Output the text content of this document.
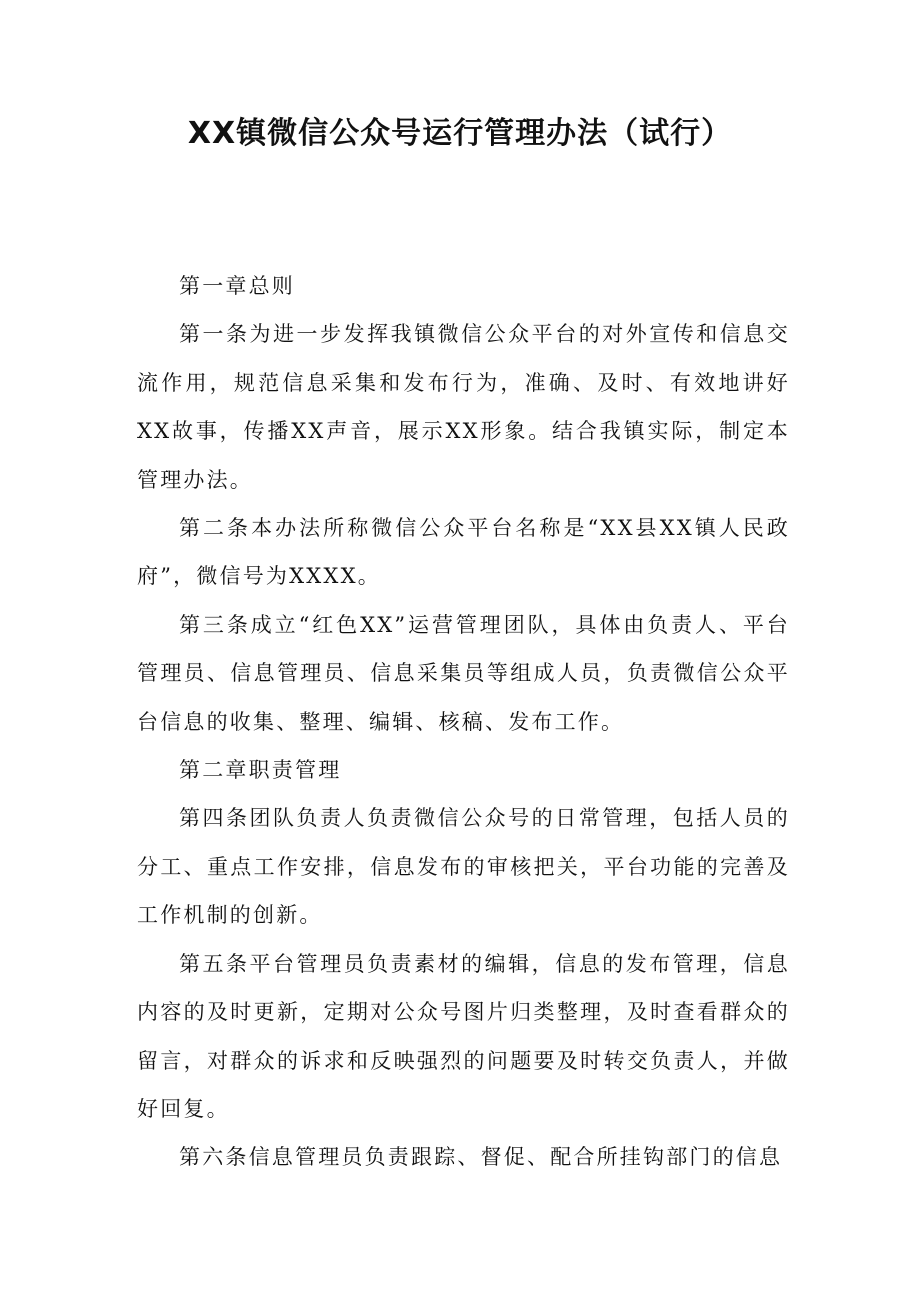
XX镇微信公众号运行管理办法（试行）

第一章总则

第一条为进一步发挥我镇微信公众平台的对外宣传和信息交流作用，规范信息采集和发布行为，准确、及时、有效地讲好XX故事，传播XX声音，展示XX形象。结合我镇实际，制定本管理办法。

第二条本办法所称微信公众平台名称是“XX县XX镇人民政府”，微信号为XXXX。

第三条成立“红色XX”运营管理团队，具体由负责人、平台管理员、信息管理员、信息采集员等组成人员，负责微信公众平台信息的收集、整理、编辑、核稿、发布工作。

第二章职责管理

第四条团队负责人负责微信公众号的日常管理，包括人员的分工、重点工作安排，信息发布的审核把关，平台功能的完善及工作机制的创新。

第五条平台管理员负责素材的编辑，信息的发布管理，信息内容的及时更新，定期对公众号图片归类整理，及时查看群众的留言，对群众的诉求和反映强烈的问题要及时转交负责人，并做好回复。

第六条信息管理员负责跟踪、督促、配合所挂钩部门的信息
